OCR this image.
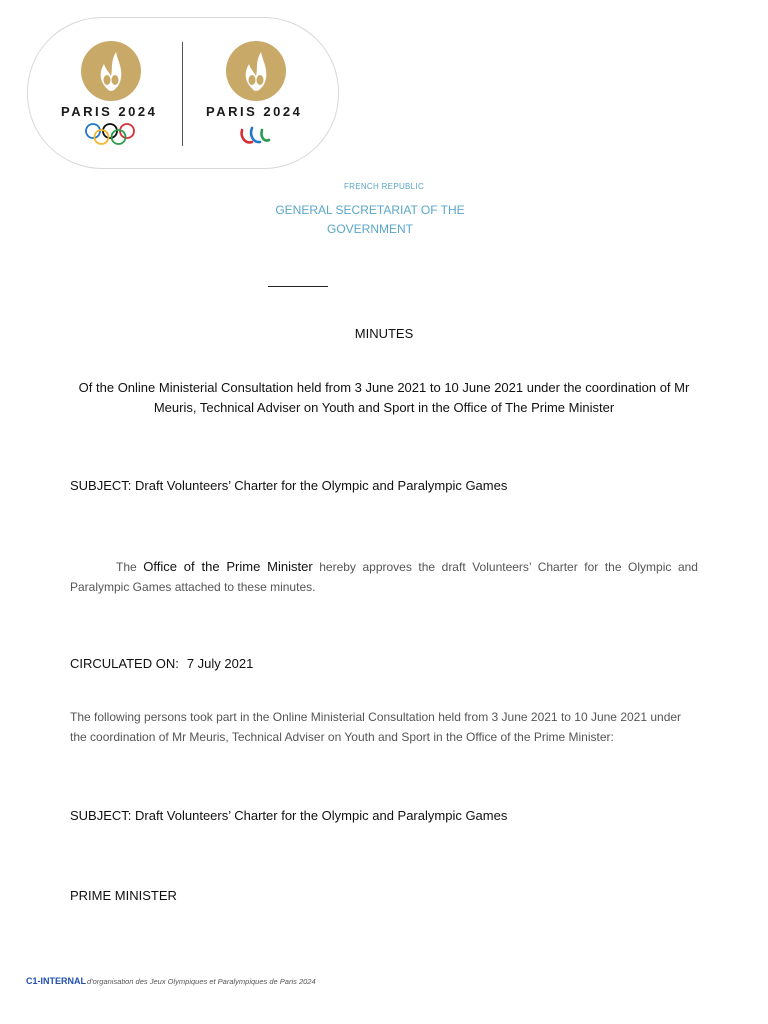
PARIS 2024	PARIS 2024
FRENCH REPUBLIC
GENERAL SECRETARIAT OF THE GOVERNMENT
MINUTES
Of the Online Ministerial Consultation held from 3 June 2021 to 10 June 2021 under the coordination of Mr Meuris, Technical Adviser on Youth and Sport in the Office of The Prime Minister
SUBJECT: Draft Volunteers’ Charter for the Olympic and Paralympic Games
The Office of the Prime Minister hereby approves the draft Volunteers’ Charter for the Olympic and Paralympic Games attached to these minutes.
CIRCULATED ON: 7 July 2021
The following persons took part in the Online Ministerial Consultation held from 3 June 2021 to 10 June 2021 under the coordination of Mr Meuris, Technical Adviser on Youth and Sport in the Office of the Prime Minister:
SUBJECT: Draft Volunteers’ Charter for the Olympic and Paralympic Games
PRIME MINISTER
C1-INTERNALd'organisation des Jeux Olympiques et Paralympiques de Paris 2024
